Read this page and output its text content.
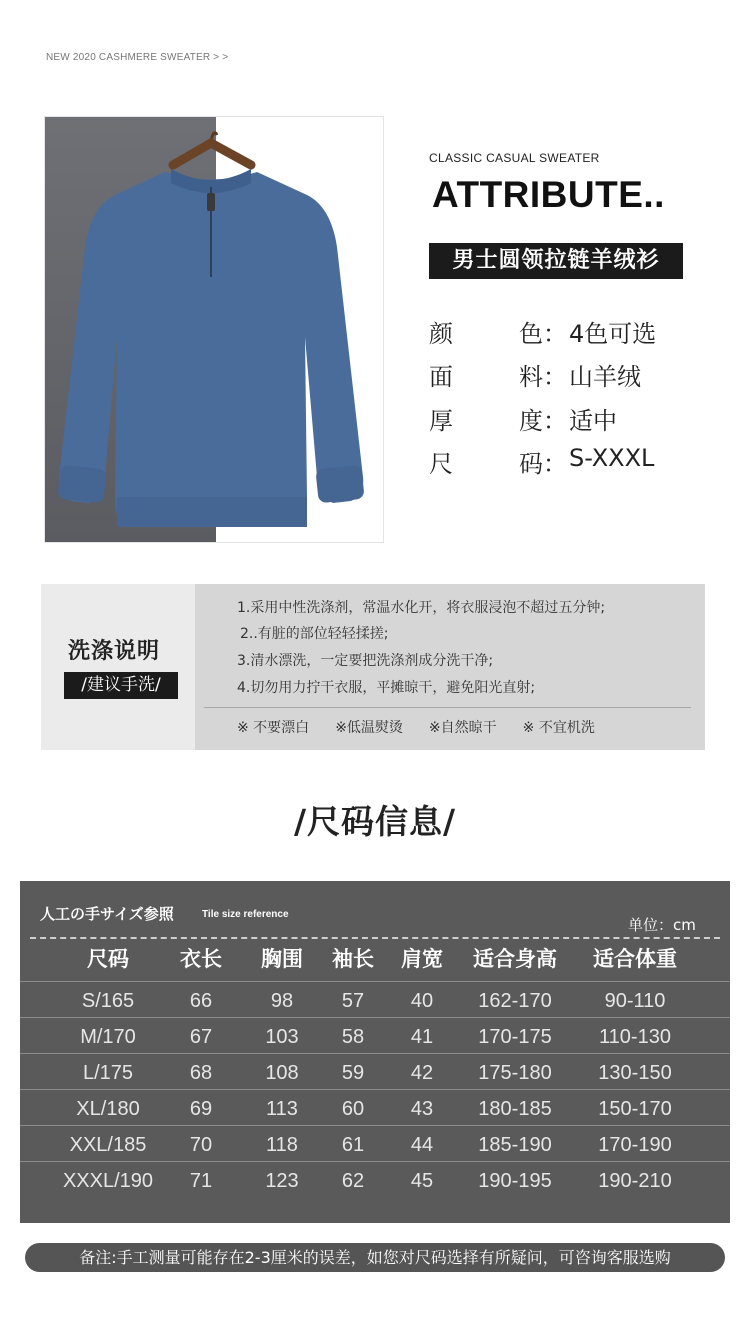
NEW 2020 CASHMERE SWEATER > >
CLASSIC CASUAL SWEATER
ATTRIBUTE..
男士圆领拉链羊绒衫
颜	色 ： 4色可选
面	料 ： 山羊绒
厚	度 ： 适中
尺	码 ： S-XXXL
洗涤说明
/建议手洗/
1.采用中性洗涤剂，常温水化开，将衣服浸泡不超过五分钟;
2..有脏的部位轻轻揉搓;
3.清水漂洗，一定要把洗涤剂成分洗干净;
4.切勿用力拧干衣服，平摊晾干，避免阳光直射;
※ 不要漂白 ※低温熨烫 ※自然晾干 ※ 不宜机洗
/尺码信息/
人工の手サイズ参照	Tile size reference
单位：cm
尺码	衣长	胸围	袖长	肩宽	适合身高	适合体重
S/165	66	98	57	40	162-170	90-110
M/170	67	103	58	41	170-175	110-130
L/175	68	108	59	42	175-180	130-150
XL/180	69	113	60	43	180-185	150-170
XXL/185	70	118	61	44	185-190	170-190
XXXL/190	71	123	62	45	190-195	190-210
备注:手工测量可能存在2-3厘米的误差，如您对尺码选择有所疑问，可咨询客服选购
